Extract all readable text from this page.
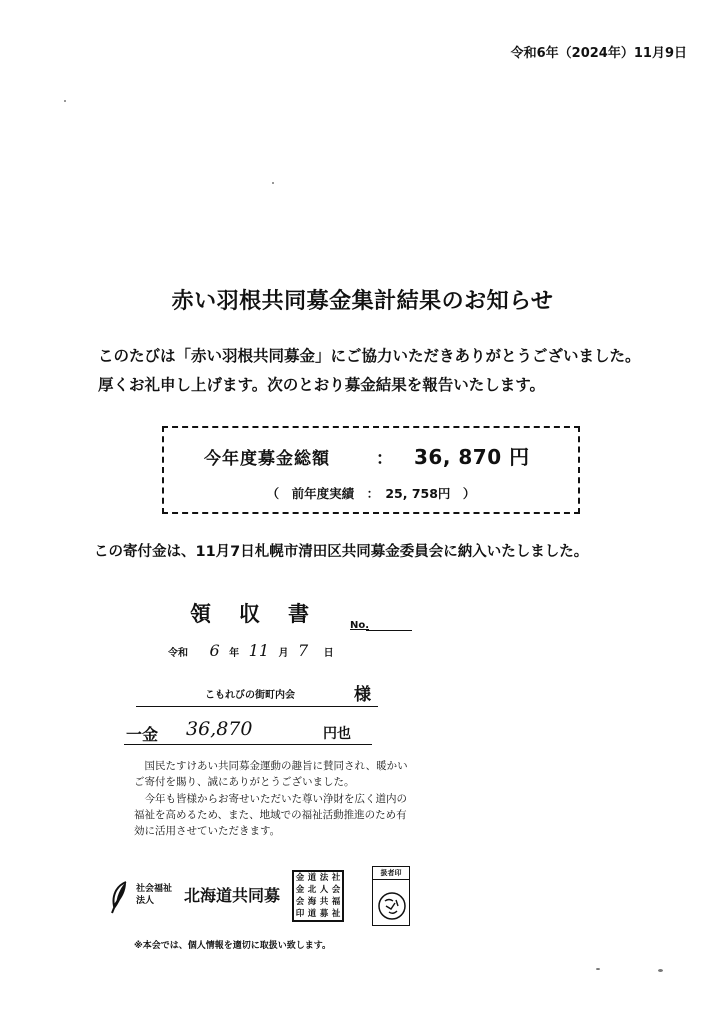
令和6年（2024年）11月9日
赤い羽根共同募金集計結果のお知らせ
このたびは「赤い羽根共同募金」にご協力いただきありがとうございました。
厚くお礼申し上げます。次のとおり募金結果を報告いたします。
今年度募金総額	： 36, 870 円
（　前年度実績　：　25, 758円　）
この寄付金は、11月7日札幌市清田区共同募金委員会に納入いたしました。
領収書 No.
令和 6 年 11 月 7 日
こもれびの街町内会	様
一金 36,870	円也

国民たすけあい共同募金運動の趣旨に賛同され、暖かいご寄付を賜り、誠にありがとうございました。

今年も皆様からお寄せいただいた尊い浄財を広く道内の福祉を高めるため、また、地域での福祉活動推進のため有効に活用させていただきます。

社会福祉法人	北海道共同募
金 道 法 社
金 北 人 会
会 海 共 福
印 道 募 祉
扱者印
※本会では、個人情報を適切に取扱い致します。
